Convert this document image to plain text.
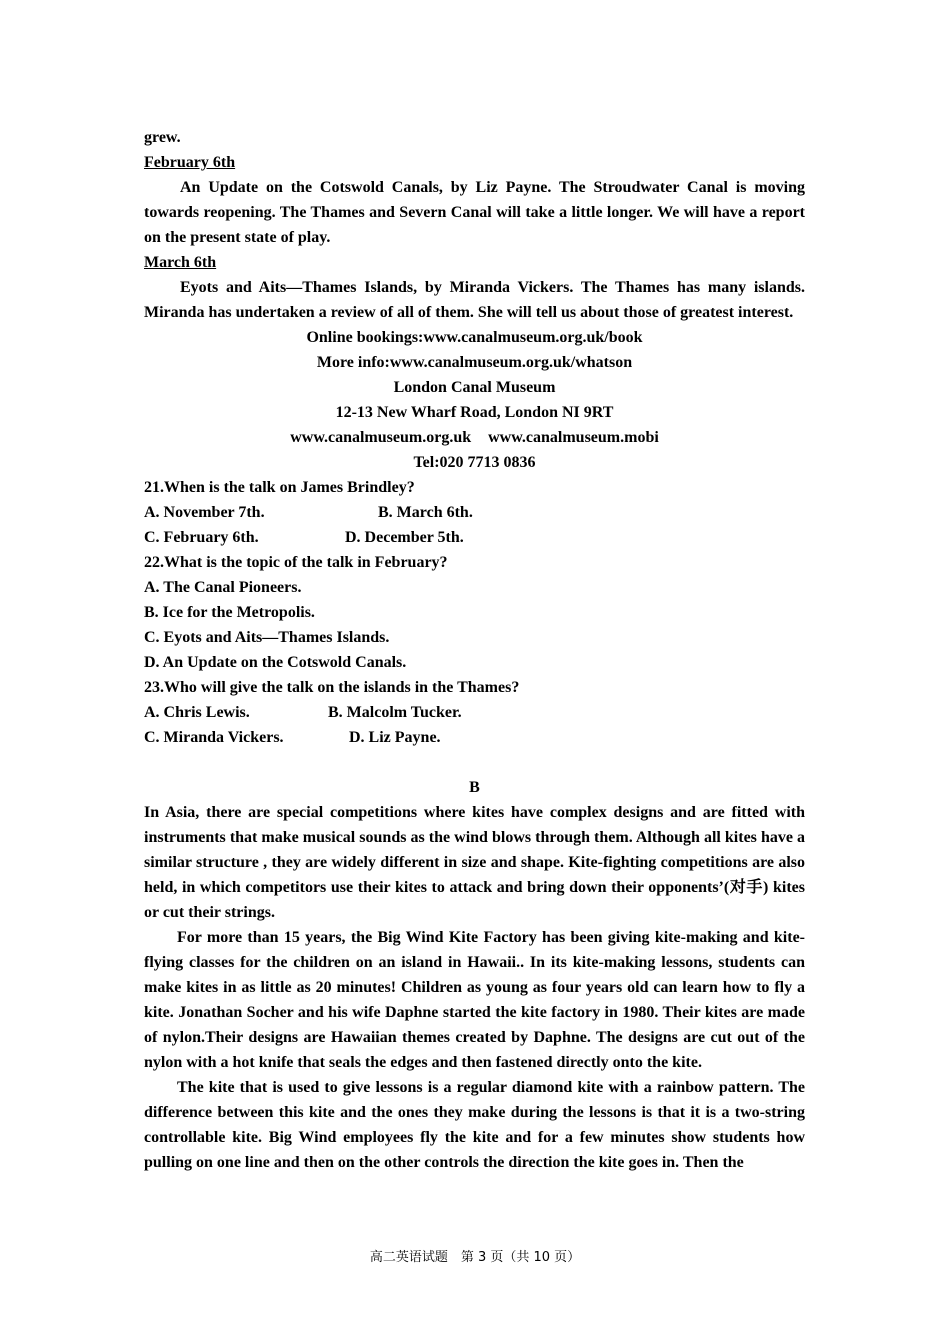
grew.

February 6th

An Update on the Cotswold Canals, by Liz Payne. The Stroudwater Canal is moving towards reopening. The Thames and Severn Canal will take a little longer. We will have a report on the present state of play.

March 6th

Eyots and Aits—Thames Islands, by Miranda Vickers. The Thames has many islands. Miranda has undertaken a review of all of them. She will tell us about those of greatest interest.

Online bookings:www.canalmuseum.org.uk/book

More info:www.canalmuseum.org.uk/whatson

London Canal Museum

12-13 New Wharf Road, London NI 9RT

www.canalmuseum.org.uk www.canalmuseum.mobi

Tel:020 7713 0836

21.When is the talk on James Brindley?

A. November 7th.	B. March 6th.
C. February 6th.	D. December 5th.

22.What is the topic of the talk in February?

A. The Canal Pioneers.

B. Ice for the Metropolis.

C. Eyots and Aits—Thames Islands.

D. An Update on the Cotswold Canals.

23.Who will give the talk on the islands in the Thames?

A. Chris Lewis.	B. Malcolm Tucker.
C. Miranda Vickers.	D. Liz Payne.

B

In Asia, there are special competitions where kites have complex designs and are fitted with instruments that make musical sounds as the wind blows through them. Although all kites have a similar structure , they are widely different in size and shape. Kite-fighting competitions are also held, in which competitors use their kites to attack and bring down their opponents’(对手) kites or cut their strings.

For more than 15 years, the Big Wind Kite Factory has been giving kite-making and kite-flying classes for the children on an island in Hawaii.. In its kite-making lessons, students can make kites in as little as 20 minutes! Children as young as four years old can learn how to fly a kite. Jonathan Socher and his wife Daphne started the kite factory in 1980. Their kites are made of nylon.Their designs are Hawaiian themes created by Daphne. The designs are cut out of the nylon with a hot knife that seals the edges and then fastened directly onto the kite.

The kite that is used to give lessons is a regular diamond kite with a rainbow pattern. The difference between this kite and the ones they make during the lessons is that it is a two-string controllable kite. Big Wind employees fly the kite and for a few minutes show students how pulling on one line and then on the other controls the direction the kite goes in. Then the

高二英语试题　第 3 页（共 10 页）
